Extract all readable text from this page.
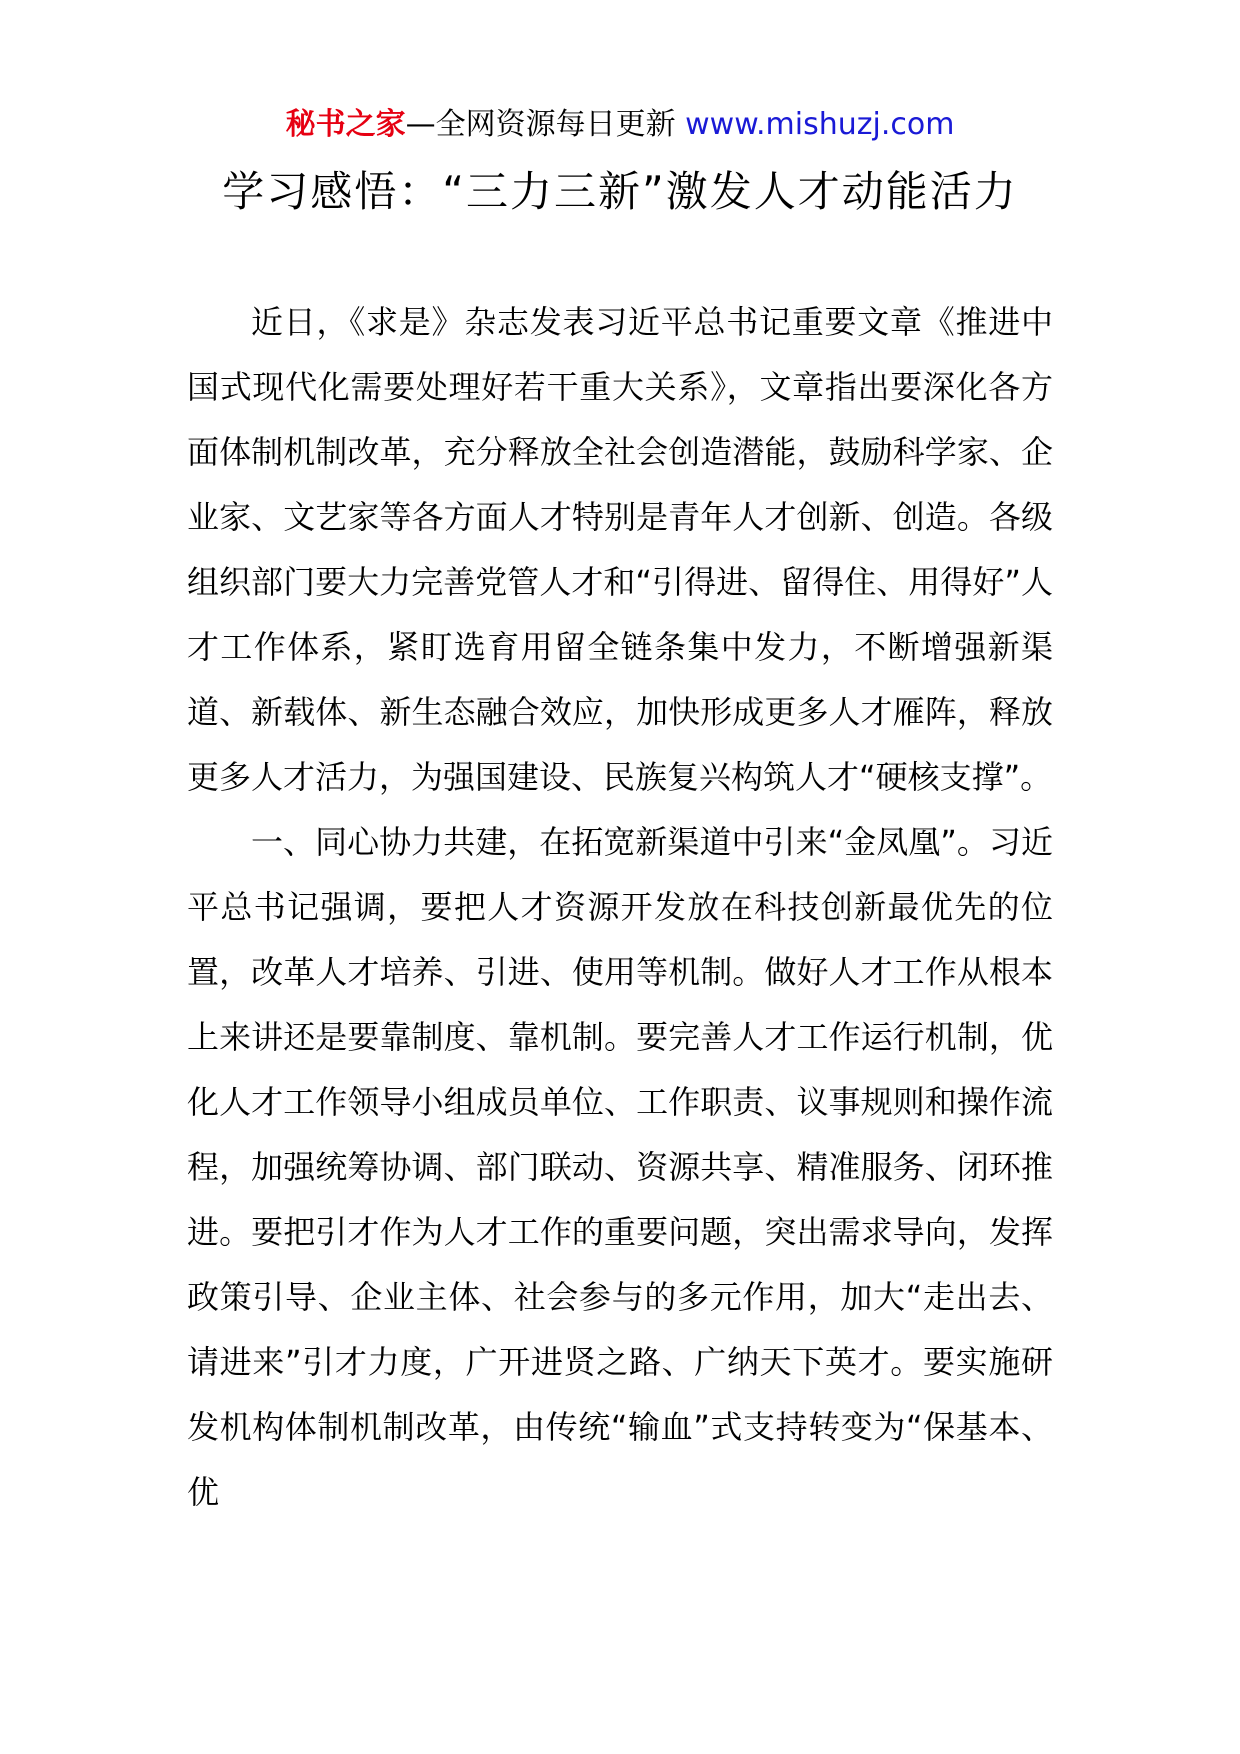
秘书之家—全网资源每日更新 www.mishuzj.com
学习感悟：“三力三新”激发人才动能活力

近日，《求是》杂志发表习近平总书记重要文章《推进中国式现代化需要处理好若干重大关系》，文章指出要深化各方面体制机制改革，充分释放全社会创造潜能，鼓励科学家、企业家、文艺家等各方面人才特别是青年人才创新、创造。各级组织部门要大力完善党管人才和“引得进、留得住、用得好”人才工作体系，紧盯选育用留全链条集中发力，不断增强新渠道、新载体、新生态融合效应，加快形成更多人才雁阵，释放更多人才活力，为强国建设、民族复兴构筑人才“硬核支撑”。

一、同心协力共建，在拓宽新渠道中引来“金凤凰”。习近平总书记强调，要把人才资源开发放在科技创新最优先的位置，改革人才培养、引进、使用等机制。做好人才工作从根本上来讲还是要靠制度、靠机制。要完善人才工作运行机制，优化人才工作领导小组成员单位、工作职责、议事规则和操作流程，加强统筹协调、部门联动、资源共享、精准服务、闭环推进。要把引才作为人才工作的重要问题，突出需求导向，发挥政策引导、企业主体、社会参与的多元作用，加大“走出去、请进来”引才力度，广开进贤之路、广纳天下英才。要实施研发机构体制机制改革，由传统“输血”式支持转变为“保基本、优
